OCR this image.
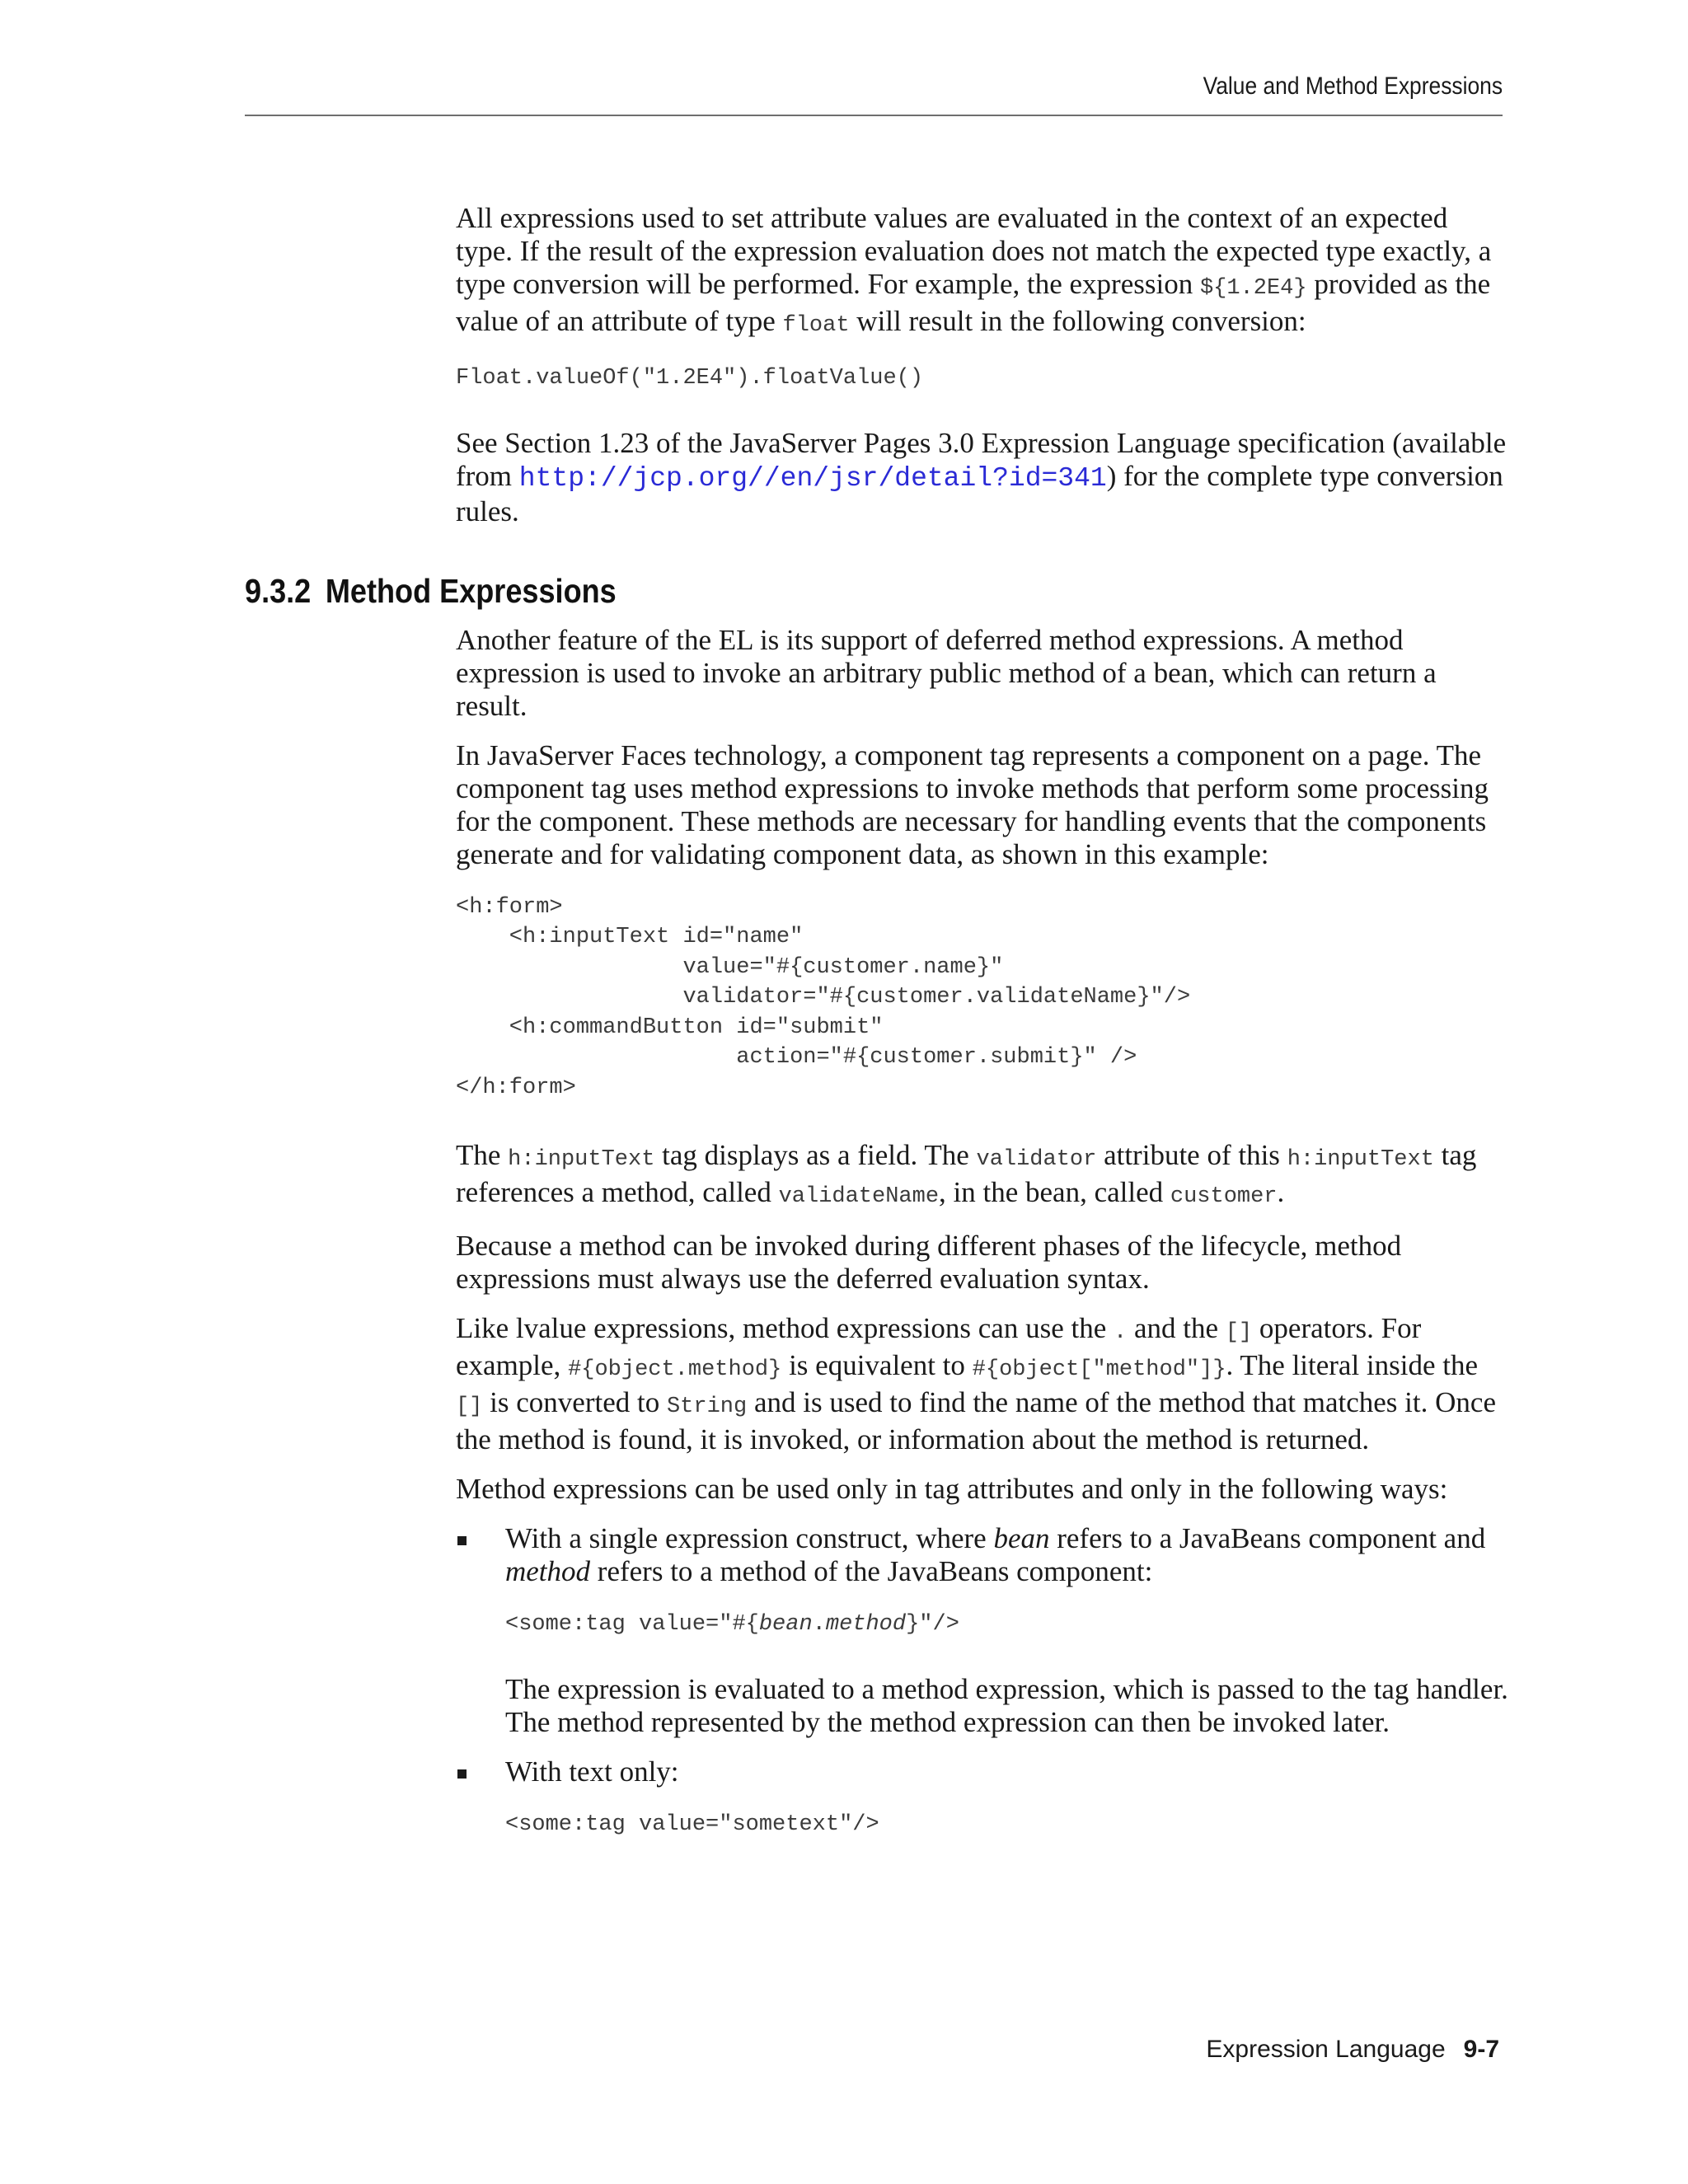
Value and Method Expressions

All expressions used to set attribute values are evaluated in the context of an expected type. If the result of the expression evaluation does not match the expected type exactly, a type conversion will be performed. For example, the expression ${1.2E4} provided as the value of an attribute of type float will result in the following conversion:

Float.valueOf("1.2E4").floatValue()

See Section 1.23 of the JavaServer Pages 3.0 Expression Language specification (available from http://jcp.org//en/jsr/detail?id=341) for the complete type conversion rules.

9.3.2 Method Expressions

Another feature of the EL is its support of deferred method expressions. A method expression is used to invoke an arbitrary public method of a bean, which can return a result.

In JavaServer Faces technology, a component tag represents a component on a page. The component tag uses method expressions to invoke methods that perform some processing for the component. These methods are necessary for handling events that the components generate and for validating component data, as shown in this example:

<h:form>
<h:inputText id="name"
value="#{customer.name}"
validator="#{customer.validateName}"/>
<h:commandButton id="submit"
action="#{customer.submit}" />
</h:form>

The h:inputText tag displays as a field. The validator attribute of this h:inputText tag references a method, called validateName, in the bean, called customer.

Because a method can be invoked during different phases of the lifecycle, method expressions must always use the deferred evaluation syntax.

Like lvalue expressions, method expressions can use the . and the [] operators. For example, #{object.method} is equivalent to #{object["method"]}. The literal inside the [] is converted to String and is used to find the name of the method that matches it. Once the method is found, it is invoked, or information about the method is returned.

Method expressions can be used only in tag attributes and only in the following ways:

With a single expression construct, where bean refers to a JavaBeans component and method refers to a method of the JavaBeans component:

<some:tag value="#{bean.method}"/>

The expression is evaluated to a method expression, which is passed to the tag handler. The method represented by the method expression can then be invoked later.

With text only:

<some:tag value="sometext"/>
Expression Language 9-7
